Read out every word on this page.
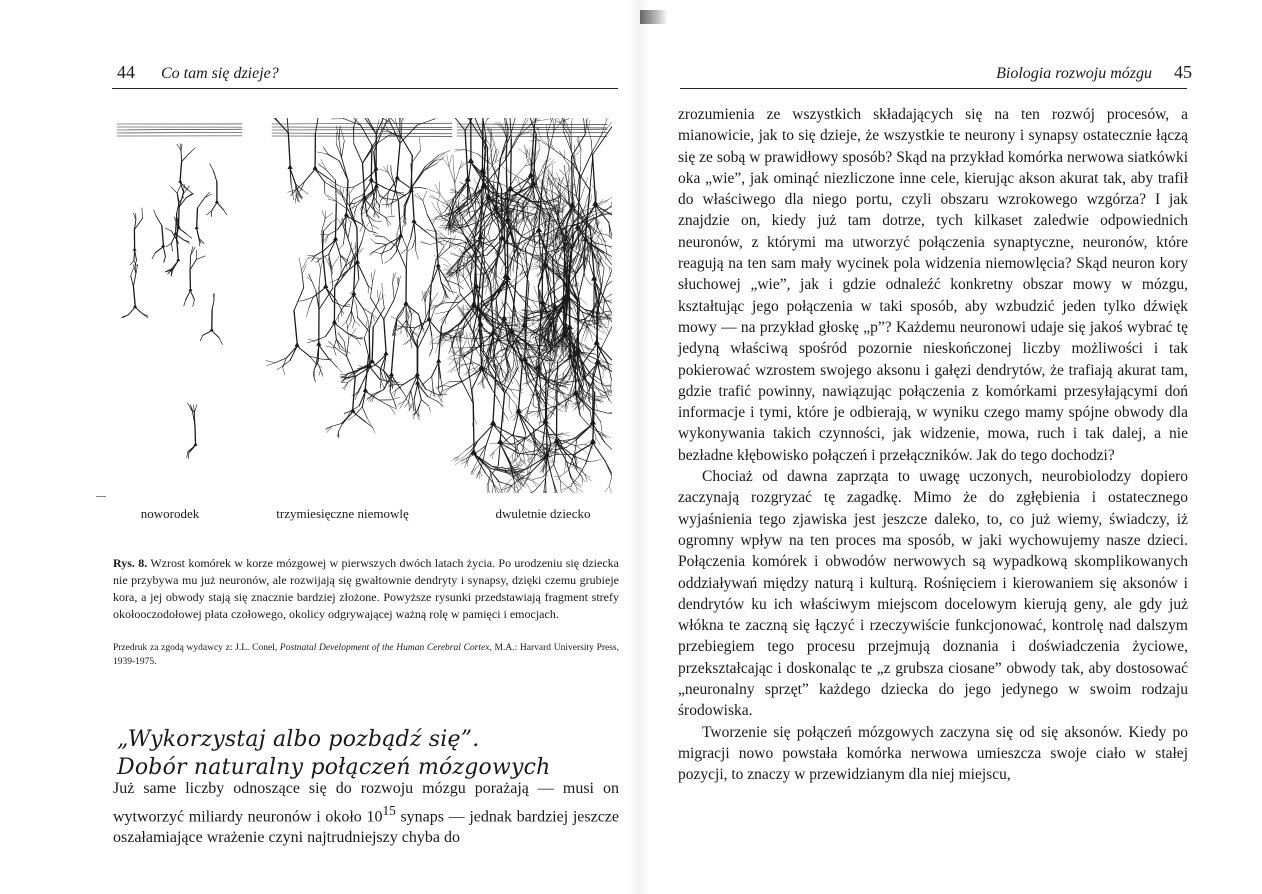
44 Co tam się dzieje?
noworodek	trzymiesięczne niemowlę	dwuletnie dziecko
Rys. 8. Wzrost komórek w korze mózgowej w pierwszych dwóch latach życia. Po urodzeniu się dziecka nie przybywa mu już neuronów, ale rozwijają się gwałtownie dendryty i synapsy, dzięki czemu grubieje kora, a jej obwody stają się znacznie bardziej złożone. Powyższe rysunki przedstawiają fragment strefy okołooczodołowej płata czołowego, okolicy odgrywającej ważną rolę w pamięci i emocjach.
Przedruk za zgodą wydawcy z: J.L. Conel, Postnatal Development of the Human Cerebral Cortex, M.A.: Harvard University Press, 1939-1975.
„Wykorzystaj albo pozbądź się”.
Dobór naturalny połączeń mózgowych

Już same liczby odnoszące się do rozwoju mózgu porażają — musi on wytworzyć miliardy neuronów i około $10^{15}$ synaps — jednak bardziej jeszcze oszałamiające wrażenie czyni najtrudniejszy chyba do

Biologia rozwoju mózgu 45

zrozumienia ze wszystkich składających się na ten rozwój procesów, a mianowicie, jak to się dzieje, że wszystkie te neurony i synapsy ostatecznie łączą się ze sobą w prawidłowy sposób? Skąd na przykład komórka nerwowa siatkówki oka „wie”, jak ominąć niezliczone inne cele, kierując akson akurat tak, aby trafił do właściwego dla niego portu, czyli obszaru wzrokowego wzgórza? I jak znajdzie on, kiedy już tam dotrze, tych kilkaset zaledwie odpowiednich neuronów, z którymi ma utworzyć połączenia synaptyczne, neuronów, które reagują na ten sam mały wycinek pola widzenia niemowlęcia? Skąd neuron kory słuchowej „wie”, jak i gdzie odnaleźć konkretny obszar mowy w mózgu, kształtując jego połączenia w taki sposób, aby wzbudzić jeden tylko dźwięk mowy — na przykład głoskę „p”? Każdemu neuronowi udaje się jakoś wybrać tę jedyną właściwą spośród pozornie nieskończonej liczby możliwości i tak pokierować wzrostem swojego aksonu i gałęzi dendrytów, że trafiają akurat tam, gdzie trafić powinny, nawiązując połączenia z komórkami przesyłającymi doń informacje i tymi, które je odbierają, w wyniku czego mamy spójne obwody dla wykonywania takich czynności, jak widzenie, mowa, ruch i tak dalej, a nie bezładne kłębowisko połączeń i przełączników. Jak do tego dochodzi?

Chociaż od dawna zaprząta to uwagę uczonych, neurobiolodzy dopiero zaczynają rozgryzać tę zagadkę. Mimo że do zgłębienia i ostatecznego wyjaśnienia tego zjawiska jest jeszcze daleko, to, co już wiemy, świadczy, iż ogromny wpływ na ten proces ma sposób, w jaki wychowujemy nasze dzieci. Połączenia komórek i obwodów nerwowych są wypadkową skomplikowanych oddziaływań między naturą i kulturą. Rośnięciem i kierowaniem się aksonów i dendrytów ku ich właściwym miejscom docelowym kierują geny, ale gdy już włókna te zaczną się łączyć i rzeczywiście funkcjonować, kontrolę nad dalszym przebiegiem tego procesu przejmują doznania i doświadczenia życiowe, przekształcając i doskonaląc te „z grubsza ciosane” obwody tak, aby dostosować „neuronalny sprzęt” każdego dziecka do jego jedynego w swoim rodzaju środowiska.

Tworzenie się połączeń mózgowych zaczyna się od się aksonów. Kiedy po migracji nowo powstała komórka nerwowa umieszcza swoje ciało w stałej pozycji, to znaczy w przewidzianym dla niej miejscu,
